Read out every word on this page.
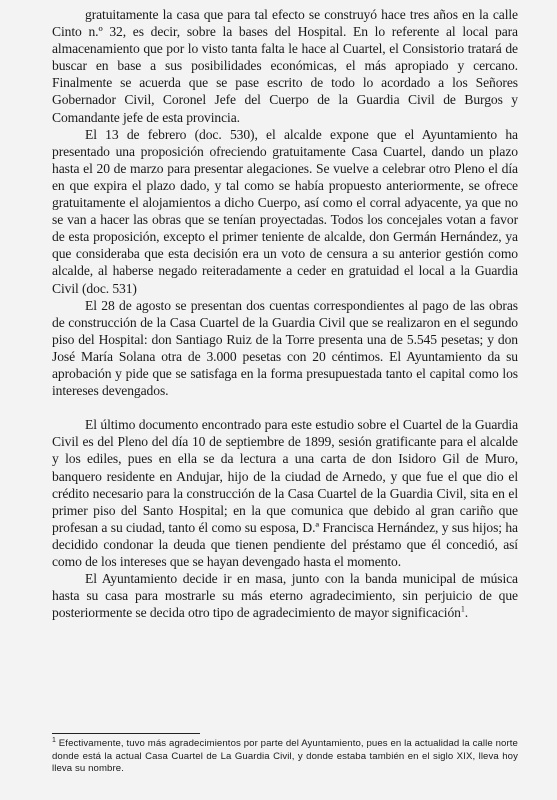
gratuitamente la casa que para tal efecto se construyó hace tres años en la calle Cinto n.º 32, es decir, sobre la bases del Hospital. En lo referente al local para almacenamiento que por lo visto tanta falta le hace al Cuartel, el Consistorio tratará de buscar en base a sus posibilidades económicas, el más apropiado y cercano. Finalmente se acuerda que se pase escrito de todo lo acordado a los Señores Gobernador Civil, Coronel Jefe del Cuerpo de la Guardia Civil de Burgos y Comandante jefe de esta provincia.

El 13 de febrero (doc. 530), el alcalde expone que el Ayuntamiento ha presentado una proposición ofreciendo gratuitamente Casa Cuartel, dando un plazo hasta el 20 de marzo para presentar alegaciones. Se vuelve a celebrar otro Pleno el día en que expira el plazo dado, y tal como se había propuesto anteriormente, se ofrece gratuitamente el alojamientos a dicho Cuerpo, así como el corral adyacente, ya que no se van a hacer las obras que se tenían proyectadas. Todos los concejales votan a favor de esta proposición, excepto el primer teniente de alcalde, don Germán Hernández, ya que consideraba que esta decisión era un voto de censura a su anterior gestión como alcalde, al haberse negado reiteradamente a ceder en gratuidad el local a la Guardia Civil (doc. 531)

El 28 de agosto se presentan dos cuentas correspondientes al pago de las obras de construcción de la Casa Cuartel de la Guardia Civil que se realizaron en el segundo piso del Hospital: don Santiago Ruiz de la Torre presenta una de 5.545 pesetas; y don José María Solana otra de 3.000 pesetas con 20 céntimos. El Ayuntamiento da su aprobación y pide que se satisfaga en la forma presupuestada tanto el capital como los intereses devengados.

El último documento encontrado para este estudio sobre el Cuartel de la Guardia Civil es del Pleno del día 10 de septiembre de 1899, sesión gratificante para el alcalde y los ediles, pues en ella se da lectura a una carta de don Isidoro Gil de Muro, banquero residente en Andujar, hijo de la ciudad de Arnedo, y que fue el que dio el crédito necesario para la construcción de la Casa Cuartel de la Guardia Civil, sita en el primer piso del Santo Hospital; en la que comunica que debido al gran cariño que profesan a su ciudad, tanto él como su esposa, D.ª Francisca Hernández, y sus hijos; ha decidido condonar la deuda que tienen pendiente del préstamo que él concedió, así como de los intereses que se hayan devengado hasta el momento.

El Ayuntamiento decide ir en masa, junto con la banda municipal de música hasta su casa para mostrarle su más eterno agradecimiento, sin perjuicio de que posteriormente se decida otro tipo de agradecimiento de mayor significación$^1$.

$^1$ Efectivamente, tuvo más agradecimientos por parte del Ayuntamiento, pues en la actualidad la calle norte donde está la actual Casa Cuartel de La Guardia Civil, y donde estaba también en el siglo XIX, lleva hoy lleva su nombre.
